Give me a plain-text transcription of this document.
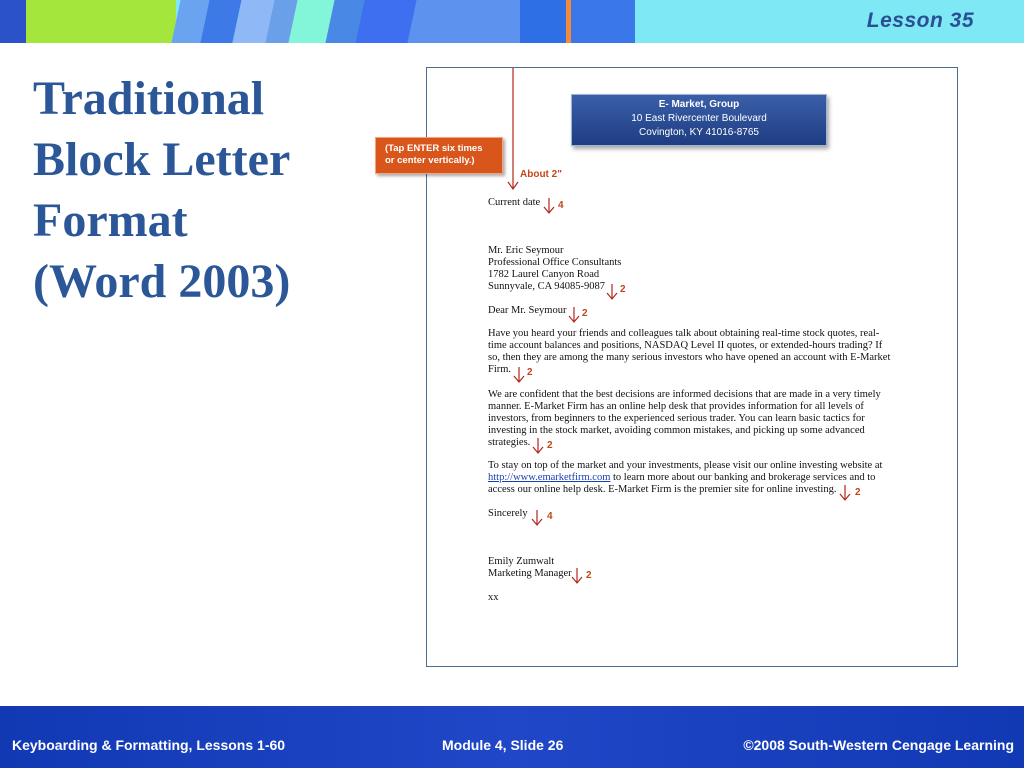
Lesson 35
Traditional
Block Letter
Format
(Word 2003)
About 2"
E- Market, Group
10 East Rivercenter Boulevard
Covington, KY 41016-8765
(Tap ENTER six times
or center vertically.)
Current date
Mr. Eric Seymour
Professional Office Consultants
1782 Laurel Canyon Road
Sunnyvale, CA 94085-9087
Dear Mr. Seymour
Have you heard your friends and colleagues talk about obtaining real-time stock quotes, real-
time account balances and positions, NASDAQ Level II quotes, or extended-hours trading? If
so, then they are among the many serious investors who have opened an account with E-Market
Firm.
We are confident that the best decisions are informed decisions that are made in a very timely
manner. E-Market Firm has an online help desk that provides information for all levels of
investors, from beginners to the experienced serious trader. You can learn basic tactics for
investing in the stock market, avoiding common mistakes, and picking up some advanced
strategies.
To stay on top of the market and your investments, please visit our online investing website at
http://www.emarketfirm.com to learn more about our banking and brokerage services and to
access our online help desk. E-Market Firm is the premier site for online investing.
Sincerely
Emily Zumwalt
Marketing Manager
xx
4
2
2
2
2
2
4
2
Keyboarding & Formatting, Lessons 1-60	Module 4, Slide 26	©2008 South-Western Cengage Learning
